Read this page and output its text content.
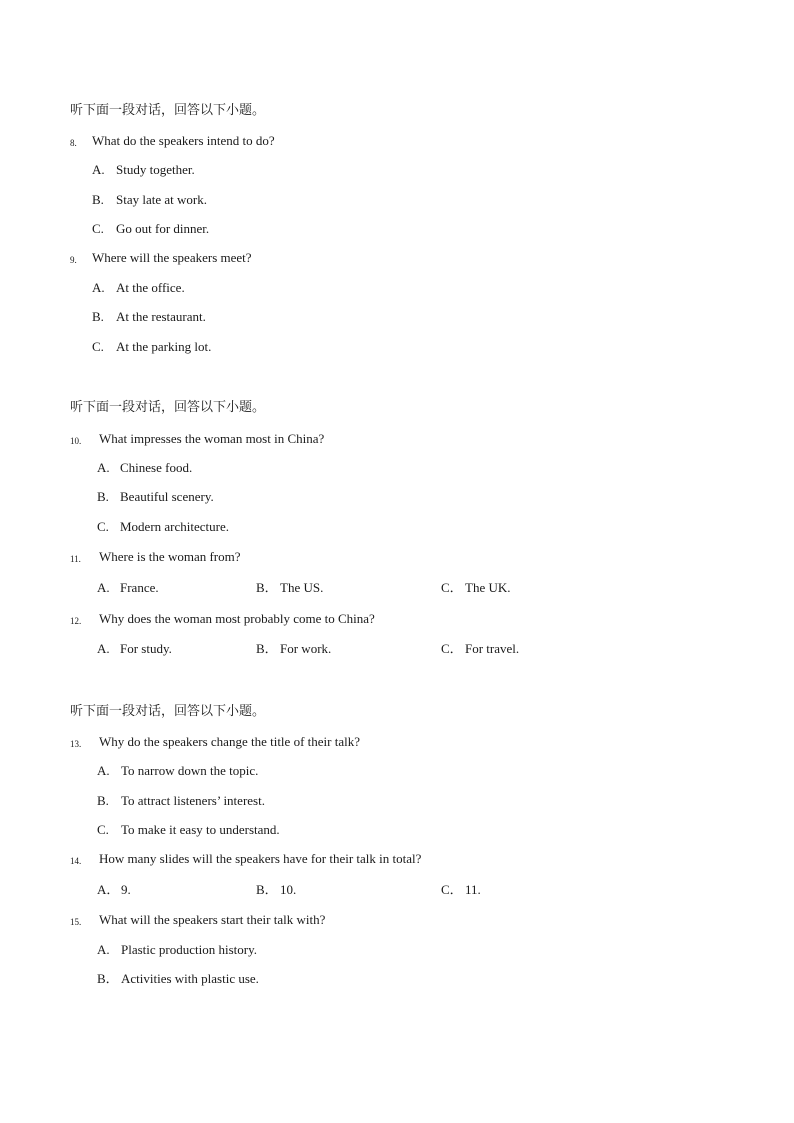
听下面一段对话，回答以下小题。
8. What do the speakers intend to do?
A. Study together.
B. Stay late at work.
C. Go out for dinner.
9. Where will the speakers meet?
A. At the office.
B. At the restaurant.
C. At the parking lot.
听下面一段对话，回答以下小题。
10. What impresses the woman most in China?
A. Chinese food.
B. Beautiful scenery.
C. Modern architecture.
11. Where is the woman from?
A. France.	B． The US.	C． The UK.
12. Why does the woman most probably come to China?
A. For study.	B． For work.	C． For travel.
听下面一段对话，回答以下小题。
13. Why do the speakers change the title of their talk?
A. To narrow down the topic.
B. To attract listeners’ interest.
C. To make it easy to understand.
14. How many slides will the speakers have for their talk in total?
A． 9.	B． 10.	C． 11.
15. What will the speakers start their talk with?
A. Plastic production history.
B． Activities with plastic use.
